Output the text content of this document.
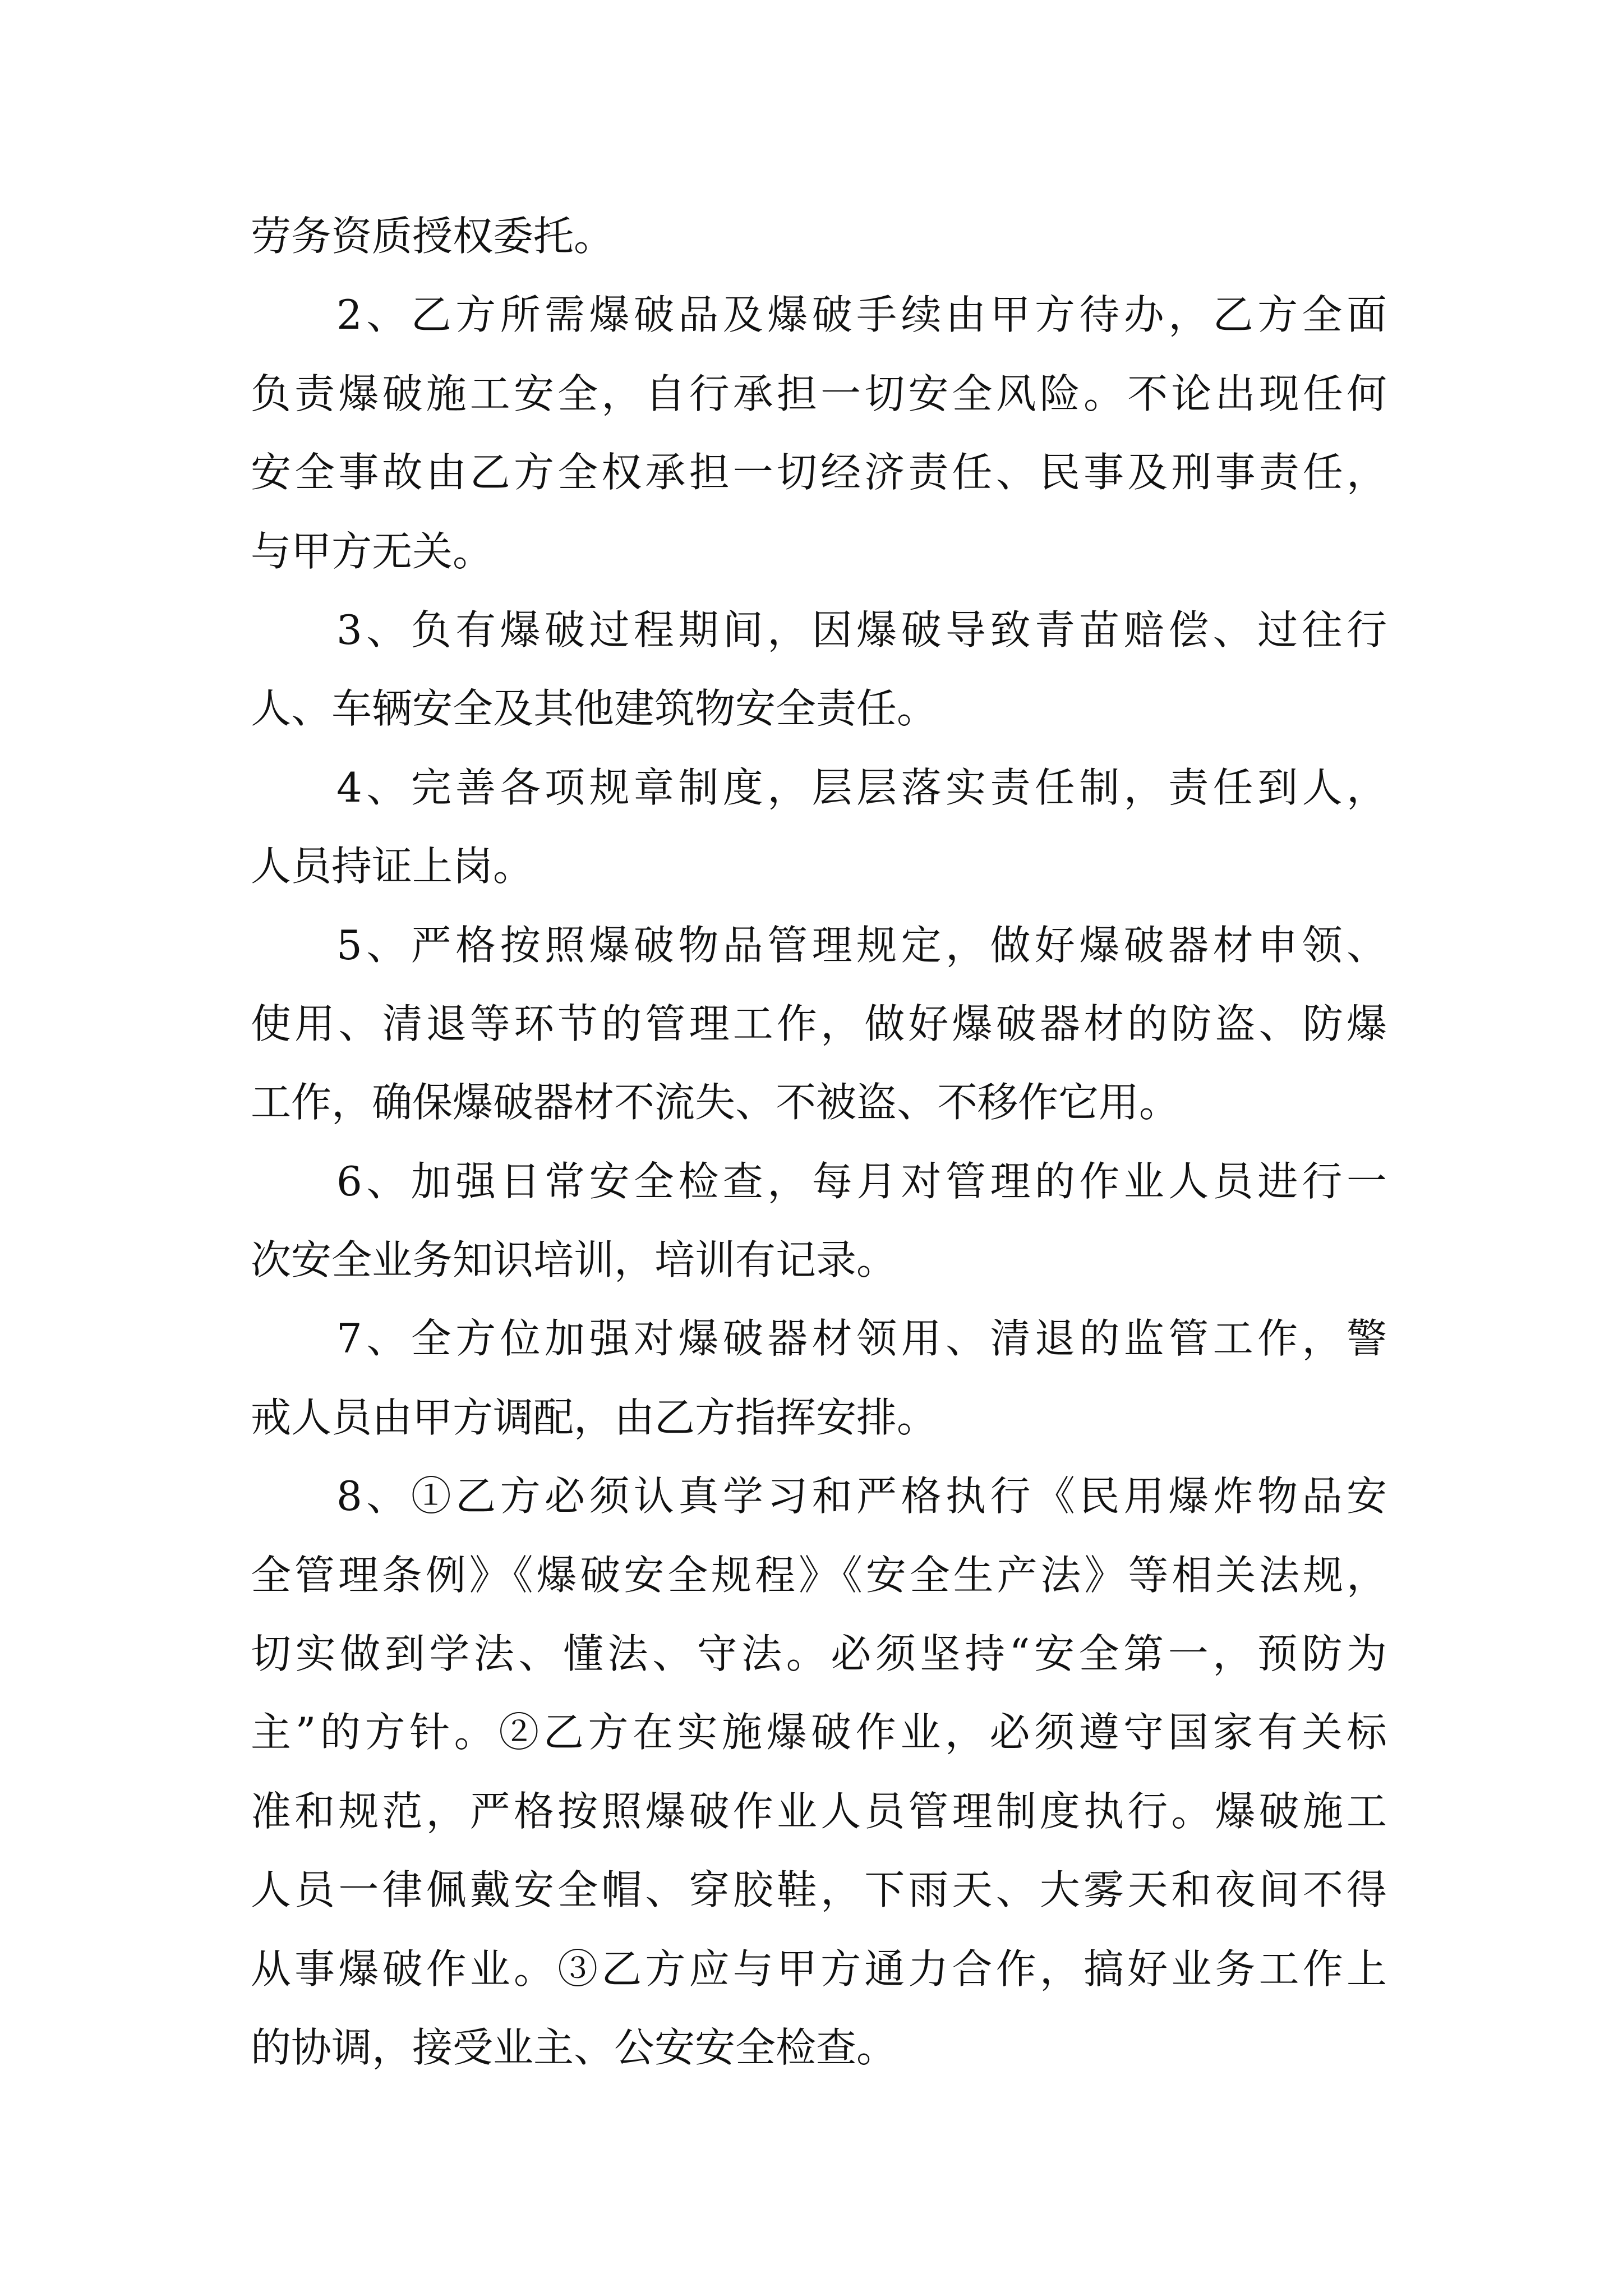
劳务资质授权委托。
2、乙方所需爆破品及爆破手续由甲方待办，乙方全面
负责爆破施工安全，自行承担一切安全风险。不论出现任何
安全事故由乙方全权承担一切经济责任、民事及刑事责任，
与甲方无关。
3、负有爆破过程期间，因爆破导致青苗赔偿、过往行
人、车辆安全及其他建筑物安全责任。
4、完善各项规章制度，层层落实责任制，责任到人，
人员持证上岗。
5、严格按照爆破物品管理规定，做好爆破器材申领、
使用、清退等环节的管理工作，做好爆破器材的防盗、防爆
工作，确保爆破器材不流失、不被盗、不移作它用。
6、加强日常安全检查，每月对管理的作业人员进行一
次安全业务知识培训，培训有记录。
7、全方位加强对爆破器材领用、清退的监管工作，警
戒人员由甲方调配，由乙方指挥安排。
8、①乙方必须认真学习和严格执行《民用爆炸物品安
全管理条例》《爆破安全规程》《安全生产法》等相关法规，
切实做到学法、懂法、守法。必须坚持“安全第一，预防为
主”的方针。②乙方在实施爆破作业，必须遵守国家有关标
准和规范，严格按照爆破作业人员管理制度执行。爆破施工
人员一律佩戴安全帽、穿胶鞋，下雨天、大雾天和夜间不得
从事爆破作业。③乙方应与甲方通力合作，搞好业务工作上
的协调，接受业主、公安安全检查。
